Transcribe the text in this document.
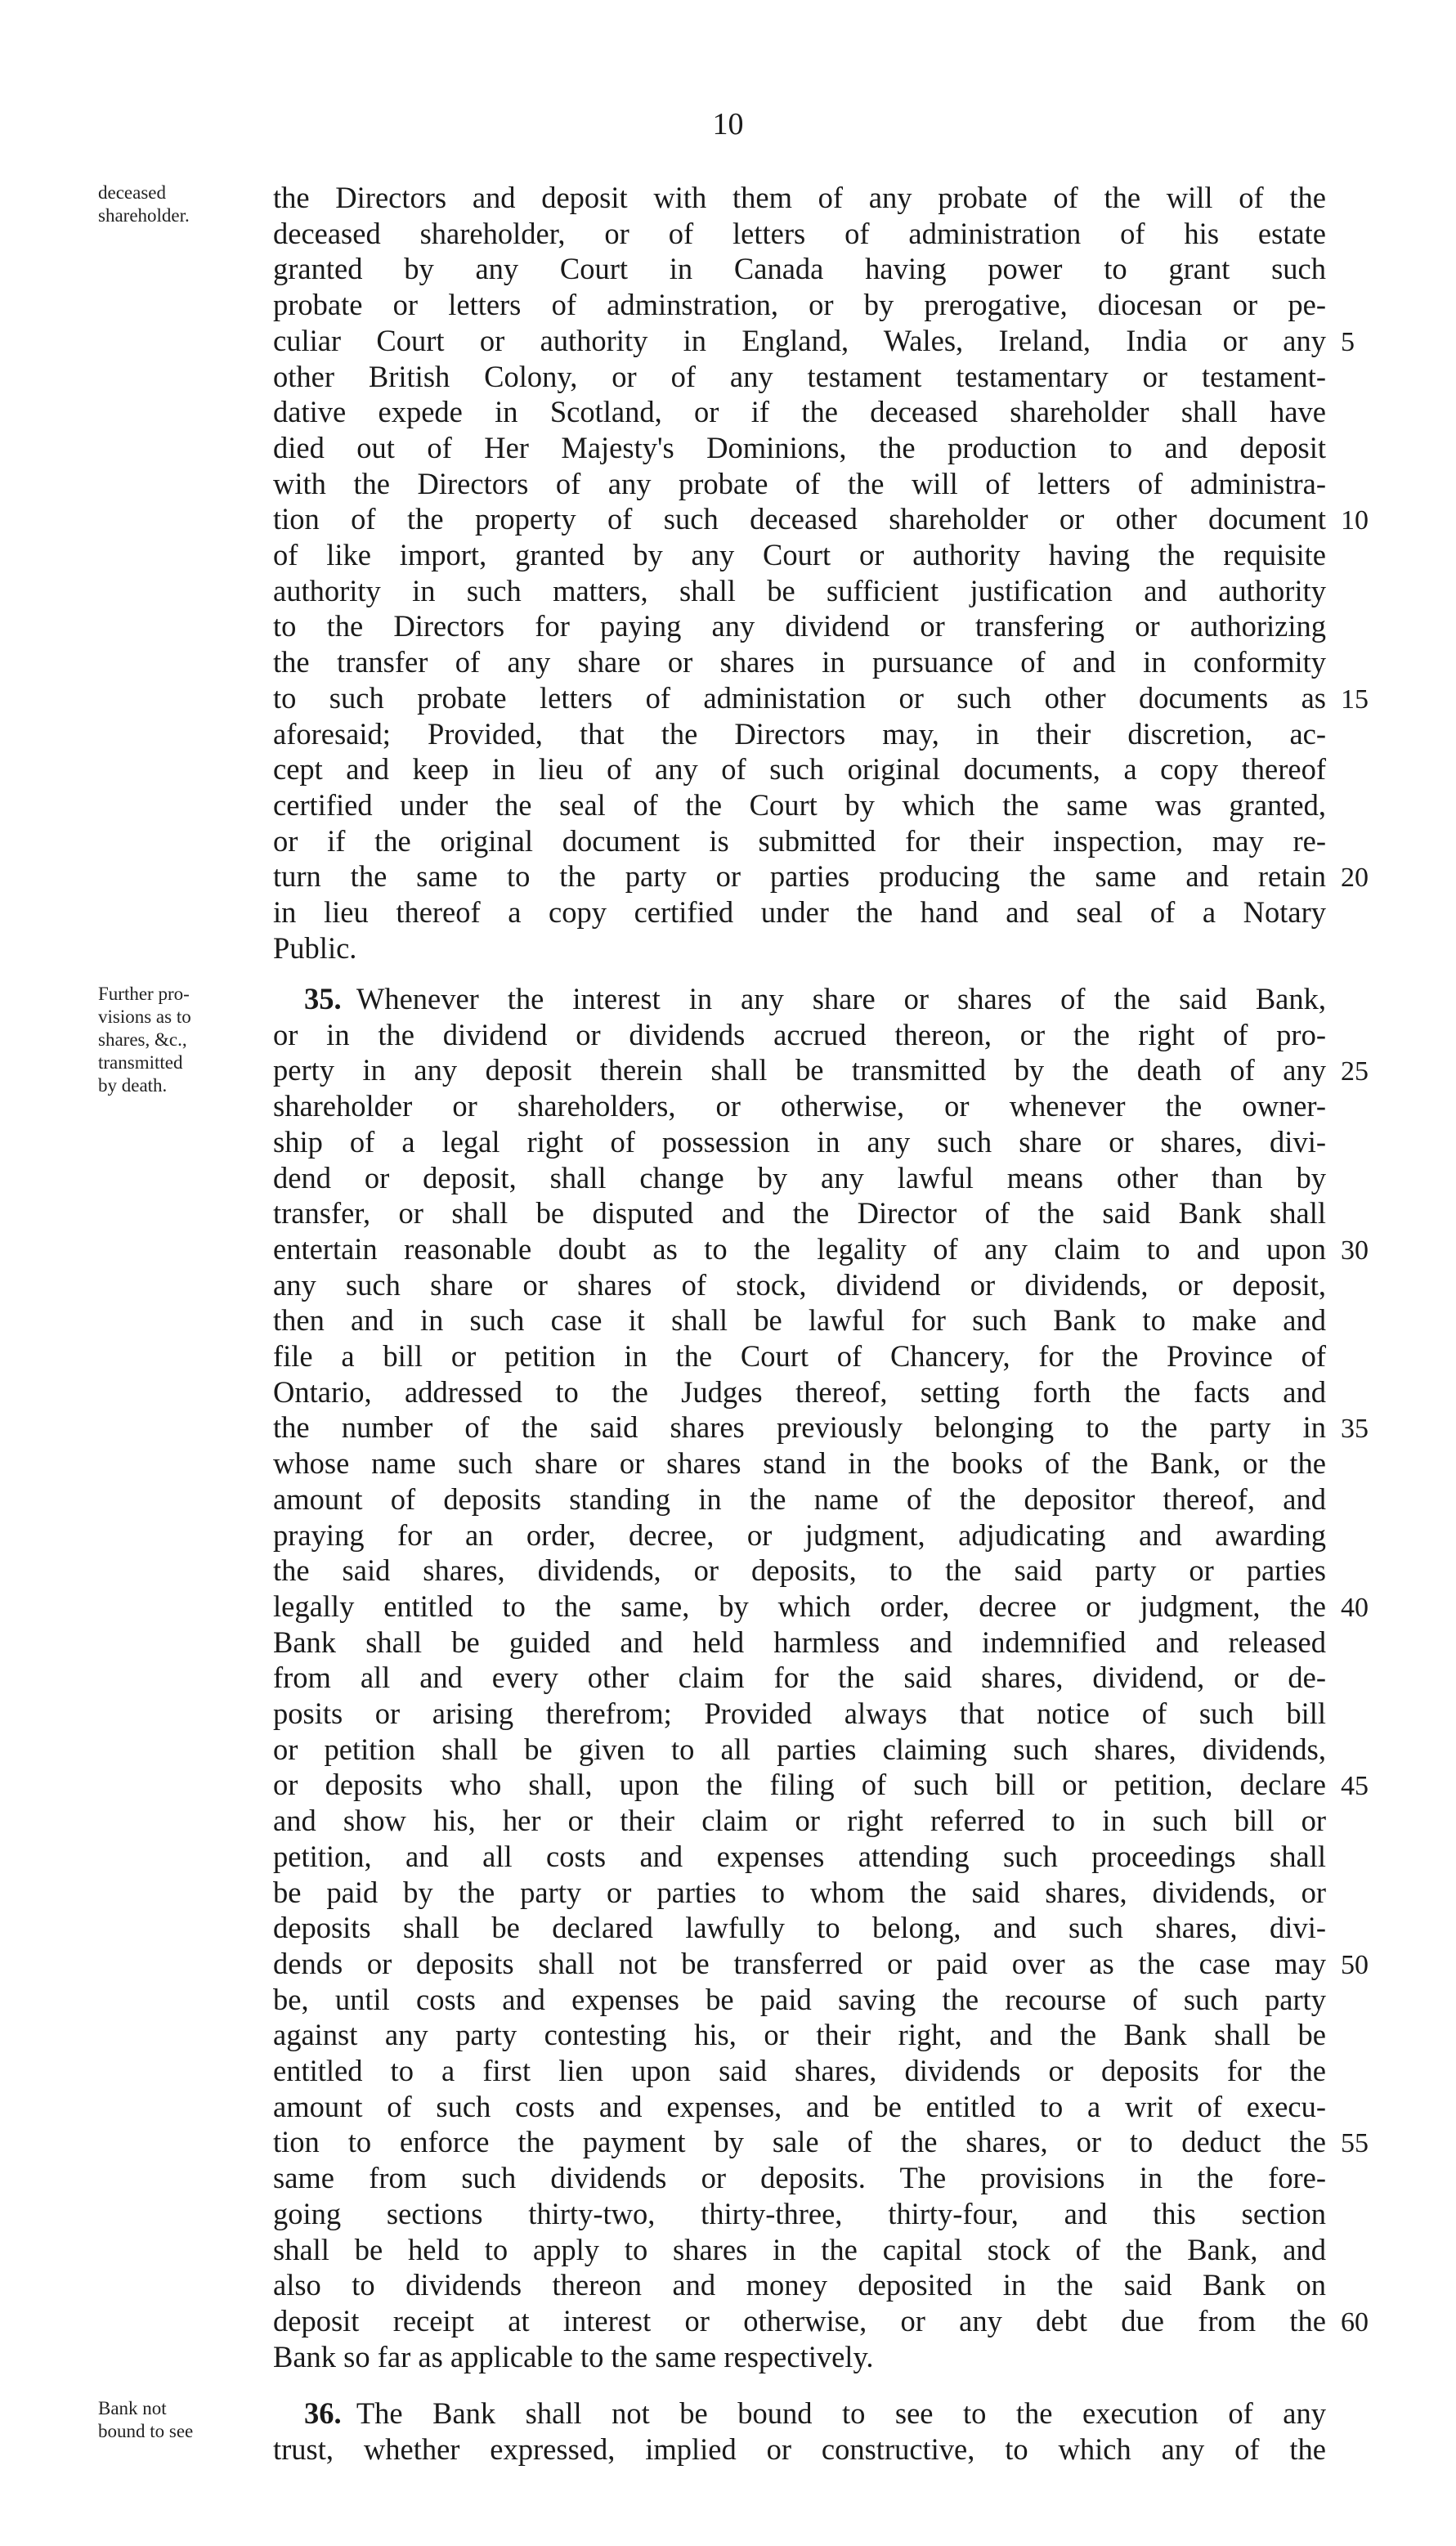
10
deceased
shareholder.
Further pro-
visions as to
shares, &c.,
transmitted
by death.
Bank not
bound to see
the Directors and deposit with them of any probate of the will of the
deceased shareholder, or of letters of administration of his estate
granted by any Court in Canada having power to grant such
probate or letters of adminstration, or by prerogative, diocesan or pe-
culiar Court or authority in England, Wales, Ireland, India or any
other British Colony, or of any testament testamentary or testament-
dative expede in Scotland, or if the deceased shareholder shall have
died out of Her Majesty's Dominions, the production to and deposit
with the Directors of any probate of the will of letters of administra-
tion of the property of such deceased shareholder or other document
of like import, granted by any Court or authority having the requisite
authority in such matters, shall be sufficient justification and authority
to the Directors for paying any dividend or transfering or authorizing
the transfer of any share or shares in pursuance of and in conformity
to such probate letters of administation or such other documents as
aforesaid; Provided, that the Directors may, in their discretion, ac-
cept and keep in lieu of any of such original documents, a copy thereof
certified under the seal of the Court by which the same was granted,
or if the original document is submitted for their inspection, may re-
turn the same to the party or parties producing the same and retain
in lieu thereof a copy certified under the hand and seal of a Notary
Public.
35.  Whenever the interest in any share or shares of the said Bank,
or in the dividend or dividends accrued thereon, or the right of pro-
perty in any deposit therein shall be transmitted by the death of any
shareholder or shareholders, or otherwise, or whenever the owner-
ship of a legal right of possession in any such share or shares, divi-
dend or deposit, shall change by any lawful means other than by
transfer, or shall be disputed and the Director of the said Bank shall
entertain reasonable doubt as to the legality of any claim to and upon
any such share or shares of stock, dividend or dividends, or deposit,
then and in such case it shall be lawful for such Bank to make and
file a bill or petition in the Court of Chancery, for the Province of
Ontario, addressed to the Judges thereof, setting forth the facts and
the number of the said shares previously belonging to the party in
whose name such share or shares stand in the books of the Bank, or the
amount of deposits standing in the name of the depositor thereof, and
praying for an order, decree, or judgment, adjudicating and awarding
the said shares, dividends, or deposits, to the said party or parties
legally entitled to the same, by which order, decree or judgment, the
Bank shall be guided and held harmless and indemnified and released
from all and every other claim for the said shares, dividend, or de-
posits or arising therefrom; Provided always that notice of such bill
or petition shall be given to all parties claiming such shares, dividends,
or deposits who shall, upon the filing of such bill or petition, declare
and show his, her or their claim or right referred to in such bill or
petition, and all costs and expenses attending such proceedings shall
be paid by the party or parties to whom the said shares, dividends, or
deposits shall be declared lawfully to belong, and such shares, divi-
dends or deposits shall not be transferred or paid over as the case may
be, until costs and expenses be paid saving the recourse of such party
against any party contesting his, or their right, and the Bank shall be
entitled to a first lien upon said shares, dividends or deposits for the
amount of such costs and expenses, and be entitled to a writ of execu-
tion to enforce the payment by sale of the shares, or to deduct the
same from such dividends or deposits. The provisions in the fore-
going sections thirty-two, thirty-three, thirty-four, and this section
shall be held to apply to shares in the capital stock of the Bank, and
also to dividends thereon and money deposited in the said Bank on
deposit receipt at interest or otherwise, or any debt due from the
Bank so far as applicable to the same respectively.
36.  The Bank shall not be bound to see to the execution of any
trust, whether expressed, implied or constructive, to which any of the
5
10
15
20
25
30
35
40
45
50
55
60
